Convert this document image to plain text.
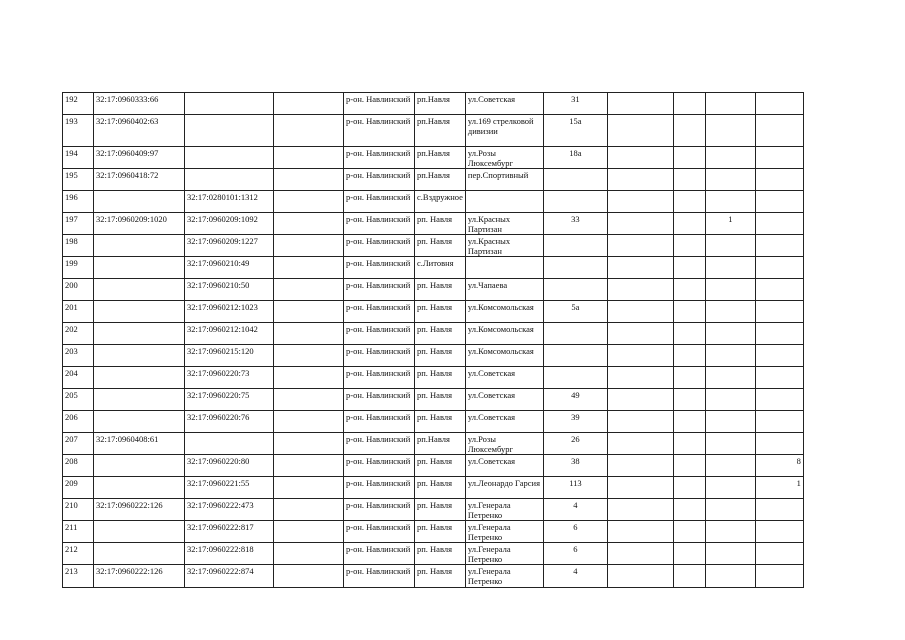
192	32:17:0960333:66			р-он. Навлинский	рп.Навля	ул.Советская	31				
193	32:17:0960402:63			р-он. Навлинский	рп.Навля	ул.169 стрелковой дивизии	15а				
194	32:17:0960409:97			р-он. Навлинский	рп.Навля	ул.Розы Люксембург	18а				
195	32:17:0960418:72			р-он. Навлинский	рп.Навля	пер.Спортивный					
196		32:17:0280101:1312		р-он. Навлинский	с.Вздружное						
197	32:17:0960209:1020	32:17:0960209:1092		р-он. Навлинский	рп. Навля	ул.Красных Партизан	33			1	
198		32:17:0960209:1227		р-он. Навлинский	рп. Навля	ул.Красных Партизан					
199		32:17:0960210:49		р-он. Навлинский	с.Литовня						
200		32:17:0960210:50		р-он. Навлинский	рп. Навля	ул.Чапаева					
201		32:17:0960212:1023		р-он. Навлинский	рп. Навля	ул.Комсомольская	5а				
202		32:17:0960212:1042		р-он. Навлинский	рп. Навля	ул.Комсомольская					
203		32:17:0960215:120		р-он. Навлинский	рп. Навля	ул.Комсомольская					
204		32:17:0960220:73		р-он. Навлинский	рп. Навля	ул.Советская					
205		32:17:0960220:75		р-он. Навлинский	рп. Навля	ул.Советская	49				
206		32:17:0960220:76		р-он. Навлинский	рп. Навля	ул.Советская	39				
207	32:17:0960408:61			р-он. Навлинский	рп.Навля	ул.Розы Люксембург	26				
208		32:17:0960220:80		р-он. Навлинский	рп. Навля	ул.Советская	38				8
209		32:17:0960221:55		р-он. Навлинский	рп. Навля	ул.Леонардо Гарсия	113				1
210	32:17:0960222:126	32:17:0960222:473		р-он. Навлинский	рп. Навля	ул.Генерала Петренко	4				
211		32:17:0960222:817		р-он. Навлинский	рп. Навля	ул.Генерала Петренко	6				
212		32:17:0960222:818		р-он. Навлинский	рп. Навля	ул.Генерала Петренко	6				
213	32:17:0960222:126	32:17:0960222:874		р-он. Навлинский	рп. Навля	ул.Генерала Петренко	4				
